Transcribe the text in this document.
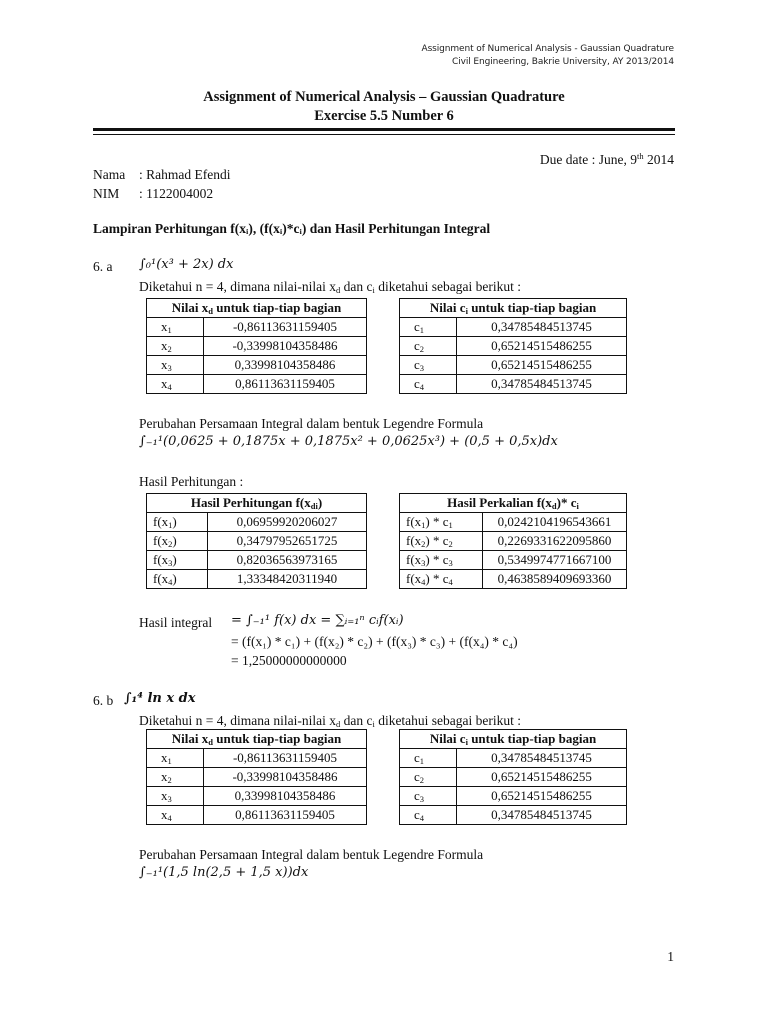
Assignment of Numerical Analysis - Gaussian Quadrature
Civil Engineering, Bakrie University, AY 2013/2014
Assignment of Numerical Analysis – Gaussian Quadrature
Exercise 5.5 Number 6
Due date : June, 9th 2014
Nama : Rahmad Efendi
NIM : 1122004002
Lampiran Perhitungan f(xᵢ), (f(xᵢ)*cᵢ) dan Hasil Perhitungan Integral
6. a ∫₀¹(x³ + 2x) dx
Diketahui n = 4, dimana nilai-nilai $x_d$ dan $c_i$ diketahui sebagai berikut :
Nilai $x_d$ untuk tiap-tiap bagian	
$x_1$	-0,86113631159405
$x_2$	-0,33998104358486
$x_3$	0,33998104358486
$x_4$	0,86113631159405
Nilai $c_i$ untuk tiap-tiap bagian	
$c_1$	0,34785484513745
$c_2$	0,65214515486255
$c_3$	0,65214515486255
$c_4$	0,34785484513745
Perubahan Persamaan Integral dalam bentuk Legendre Formula
∫₋₁¹(0,0625 + 0,1875x + 0,1875x² + 0,0625x³) + (0,5 + 0,5x)dx
Hasil Perhitungan :
Hasil Perhitungan $f(x_{di})$	
$f(x_1)$	0,06959920206027
$f(x_2)$	0,34797952651725
$f(x_3)$	0,82036563973165
$f(x_4)$	1,33348420311940
Hasil Perkalian $f(x_d)*$ $c_i$
$f(x_1) * c_1$	0,0242104196543661
$f(x_2) * c_2$	0,2269331622095860
$f(x_3) * c_3$	0,5349974771667100
$f(x_4) * c_4$	0,4638589409693360
Hasil integral = ∫₋₁¹ f(x) dx = ∑ᵢ₌₁ⁿ cᵢf(xᵢ)
= (f(x₁) * c₁) + (f(x₂) * c₂) + (f(x₃) * c₃) + (f(x₄) * c₄)
= 1,25000000000000
6. b ∫₁⁴ ln x dx
Diketahui n = 4, dimana nilai-nilai $x_d$ dan $c_i$ diketahui sebagai berikut :
Nilai $x_d$ untuk tiap-tiap bagian	
$x_1$	-0,86113631159405
$x_2$	-0,33998104358486
$x_3$	0,33998104358486
$x_4$	0,86113631159405
Nilai $c_i$ untuk tiap-tiap bagian	
$c_1$	0,34785484513745
$c_2$	0,65214515486255
$c_3$	0,65214515486255
$c_4$	0,34785484513745
Perubahan Persamaan Integral dalam bentuk Legendre Formula
∫₋₁¹(1,5 ln(2,5 + 1,5 x))dx
1
